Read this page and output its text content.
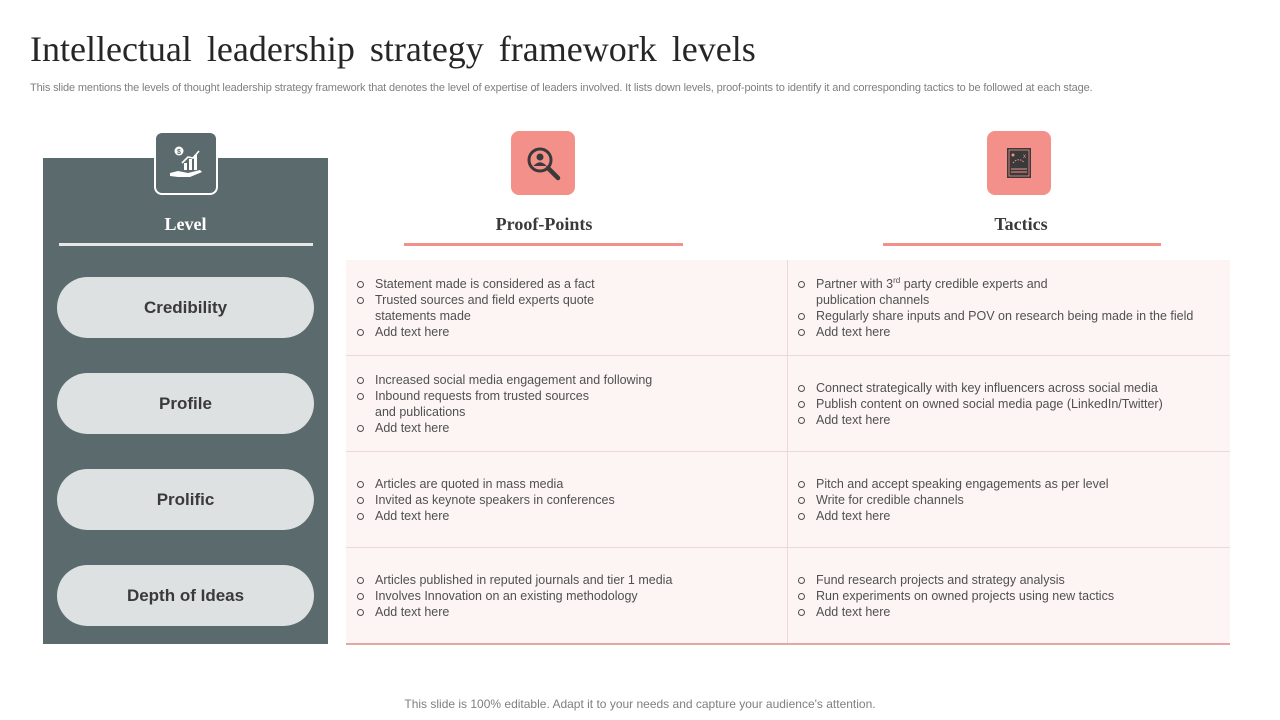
Intellectual leadership strategy framework levels
This slide mentions the levels of thought leadership strategy framework that denotes the level of expertise of leaders involved. It lists down levels, proof-points to identify it and corresponding tactics to be followed at each stage.
$
Level
Credibility
Profile
Prolific
Depth of Ideas
Proof-Points
x
Tactics
Statement made is considered as a fact
Trusted sources and field experts quote statements made
Add text here
Partner with 3rd party credible experts and publication channels
Regularly share inputs and POV on research being made in the field
Add text here
Increased social media engagement and following
Inbound requests from trusted sources and publications
Add text here
Connect strategically with key influencers across social media
Publish content on owned social media page (LinkedIn/Twitter)
Add text here
Articles are quoted in mass media
Invited as keynote speakers in conferences
Add text here
Pitch and accept speaking engagements as per level
Write for credible channels
Add text here
Articles published in reputed journals and tier 1 media
Involves Innovation on an existing methodology
Add text here
Fund research projects and strategy analysis
Run experiments on owned projects using new tactics
Add text here
This slide is 100% editable. Adapt it to your needs and capture your audience's attention.
